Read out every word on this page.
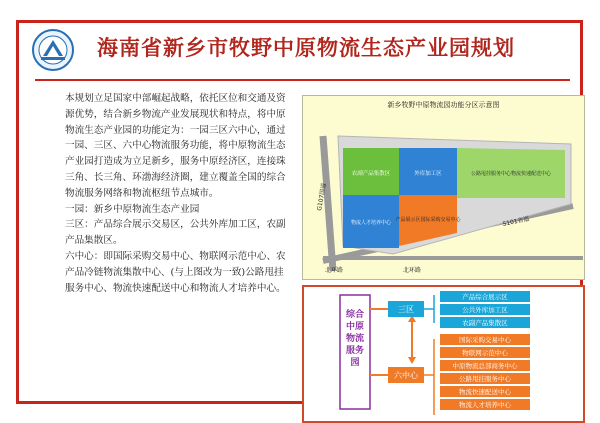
海南省新乡市牧野中原物流生态产业园规划

本规划立足国家中部崛起战略，依托区位和交通及资源优势，结合新乡物流产业发展现状和特点，将中原物流生态产业园的功能定为：一园三区六中心，通过一园、三区、六中心物流服务功能，将中原物流生态产业园打造成为立足新乡，服务中原经济区，连接珠三角、长三角、环渤海经济圈，建立覆盖全国的综合物流服务网络和物流枢纽节点城市。

一园：新乡中原物流生态产业园

三区：产品综合展示交易区，公共外库加工区，农副产品集散区。

六中心：即国际采购交易中心、物联网示范中心、农产品冷链物流集散中心、(与上图改为一致)公路甩挂服务中心、物流快速配送中心和物流人才培养中心。

新乡牧野中原物流园功能分区示意图
农副产品集散区	外库加工区	公路甩挂服务中心物流快速配送中心
物流人才培养中心 产品展示区国际采购交易中心
G107国道
S101省道
北环路	北环路
综合中原物流服务园
三区
六中心
产品综合展示区
公共外库加工区
农副产品集散区
国际采购交易中心
物联网示范中心
中原物流总部商务中心
公路甩挂服务中心
物流快速配送中心
物流人才培养中心
